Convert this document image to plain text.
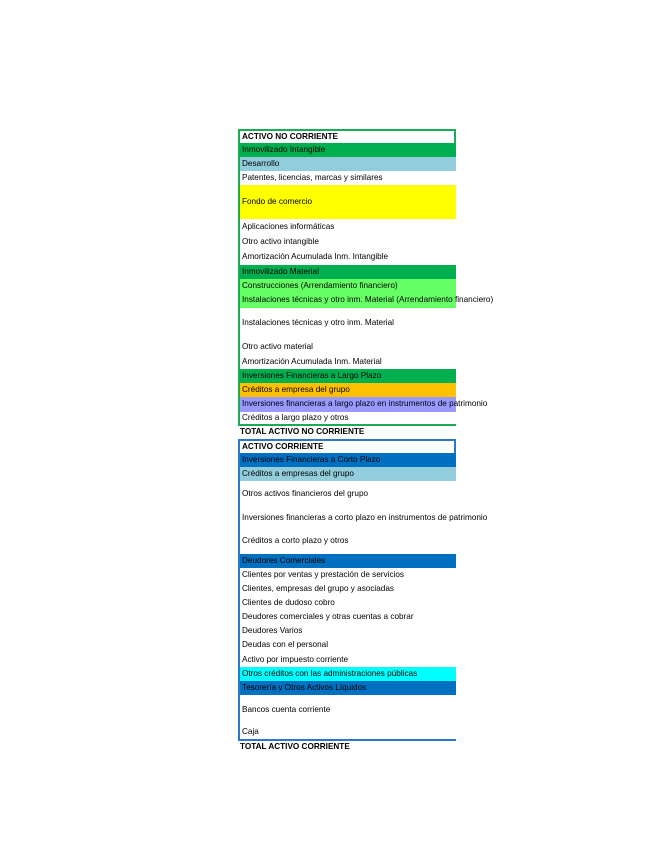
ACTIVO NO CORRIENTE
Inmovilizado Intangible
Desarrollo
Patentes, licencias, marcas y similares
Fondo de comercio
Aplicaciones informáticas
Otro activo intangible
Amortización Acumulada Inm. Intangible
Inmovilizado Material
Construcciones (Arrendamiento financiero)
Instalaciones técnicas y otro inm. Material (Arrendamiento financiero)
Instalaciones técnicas y otro inm. Material
Otro activo material
Amortización Acumulada Inm. Material
Inversiones Financieras a Largo Plazo
Créditos a empresa del grupo
Inversiones financieras a largo plazo en instrumentos de patrimonio
Créditos a largo plazo y otros
TOTAL ACTIVO NO CORRIENTE
ACTIVO CORRIENTE
Inversiones Financieras a Corto Plazo
Créditos a empresas del grupo
Otros activos financieros del grupo
Inversiones financieras a corto plazo en instrumentos de patrimonio
Créditos a corto plazo y otros
Deudores Comerciales
Clientes por ventas y prestación de servicios
Clientes, empresas del grupo y asociadas
Clientes de dudoso cobro
Deudores comerciales y otras cuentas a cobrar
Deudores Varios
Deudas con el personal
Activo por impuesto corriente
Otros créditos con las administraciones públicas
Tesorería y Otros Activos Líquidos
Bancos cuenta corriente
Caja
TOTAL ACTIVO CORRIENTE
